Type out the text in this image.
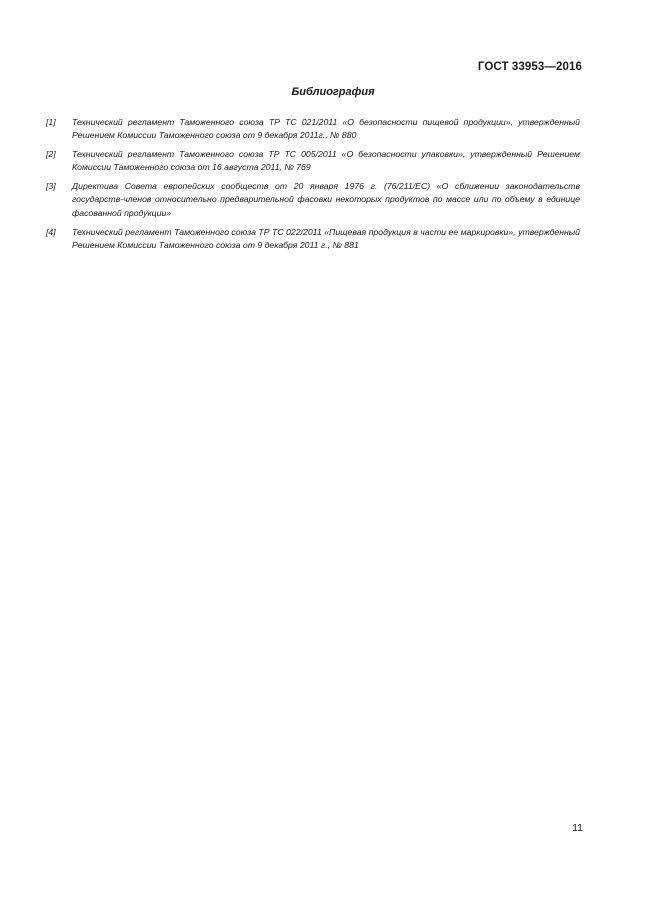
ГОСТ 33953—2016
Библиография
[1]	Технический регламент Таможенного союза ТР ТС 021/2011 «О безопасности пищевой продукции», утвержденный Решением Комиссии Таможенного союза от 9 декабря 2011г., № 880
[2]	Технический регламент Таможенного союза ТР ТС 005/2011 «О безопасности упаковки», утвержденный Решением Комиссии Таможенного союза от 16 августа 2011, № 769
[3]	Директива Совета европейских сообществ от 20 января 1976 г. (76/211/ЕС) «О сближении законодательств государств-членов относительно предварительной фасовки некоторых продуктов по массе или по объему в единице фасованной продукции»
[4]	Технический регламент Таможенного союза ТР ТС 022/2011 «Пищевая продукция в части ее маркировки», утвержденный Решением Комиссии Таможенного союза от 9 декабря 2011 г., № 881
11
